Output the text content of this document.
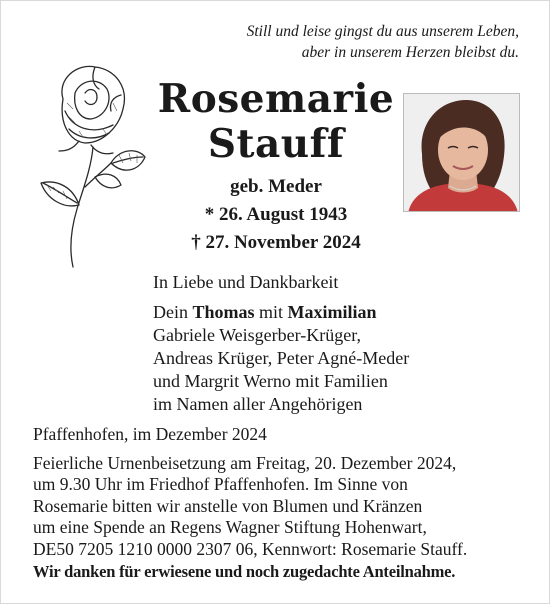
Still und leise gingst du aus unserem Leben,
aber in unserem Herzen bleibst du.
Rosemarie
Stauff
geb. Meder
* 26. August 1943
† 27. November 2024
In Liebe und Dankbarkeit
Dein Thomas mit Maximilian
Gabriele Weisgerber-Krüger,
Andreas Krüger, Peter Agné-Meder
und Margrit Werno mit Familien
im Namen aller Angehörigen
Pfaffenhofen, im Dezember 2024
Feierliche Urnenbeisetzung am Freitag, 20. Dezember 2024,
um 9.30 Uhr im Friedhof Pfaffenhofen. Im Sinne von
Rosemarie bitten wir anstelle von Blumen und Kränzen
um eine Spende an Regens Wagner Stiftung Hohenwart,
DE50 7205 1210 0000 2307 06, Kennwort: Rosemarie Stauff.
Wir danken für erwiesene und noch zugedachte Anteilnahme.
